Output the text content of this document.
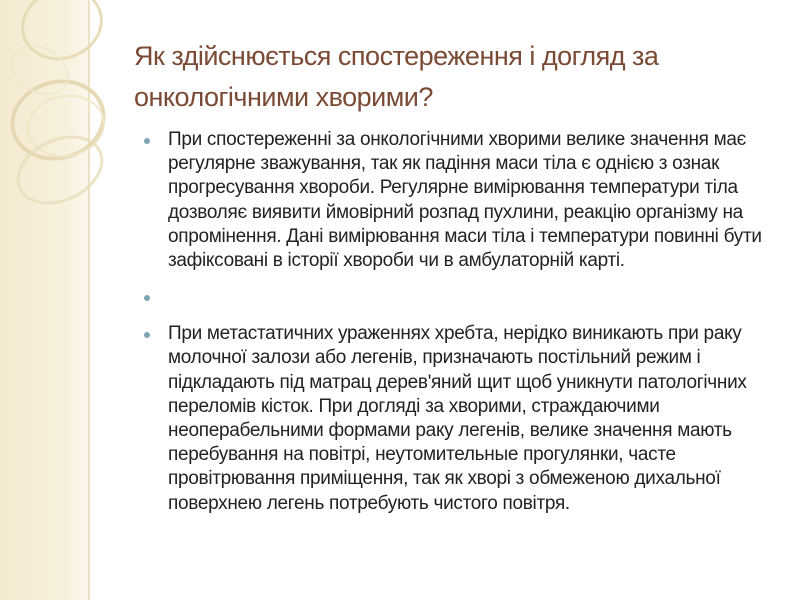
Як здійснюється спостереження і догляд за онкологічними хворими?
При спостереженні за онкологічними хворими велике значення має регулярне зважування, так як падіння маси тіла є однією з ознак прогресування хвороби. Регулярне вимірювання температури тіла дозволяє виявити ймовірний розпад пухлини, реакцію організму на опромінення. Дані вимірювання маси тіла і температури повинні бути зафіксовані в історії хвороби чи в амбулаторній карті.
При метастатичних ураженнях хребта, нерідко виникають при раку молочної залози або легенів, призначають постільний режим і підкладають під матрац дерев'яний щит щоб уникнути патологічних переломів кісток. При догляді за хворими, страждаючими неоперабельними формами раку легенів, велике значення мають перебування на повітрі, неутомительные прогулянки, часте провітрювання приміщення, так як хворі з обмеженою дихальної поверхнею легень потребують чистого повітря.
